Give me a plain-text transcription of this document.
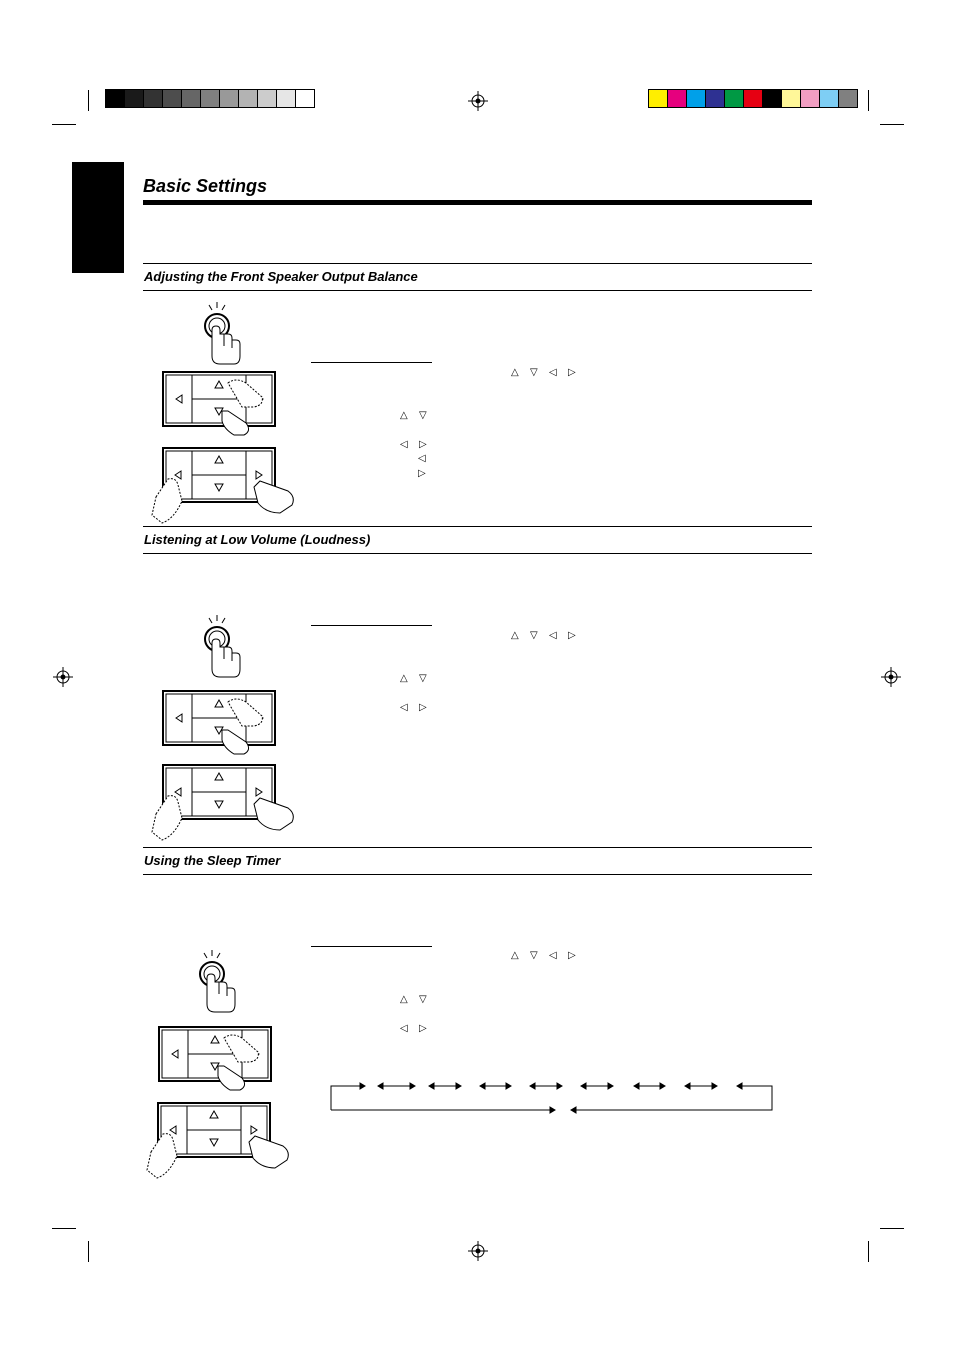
Basic Settings
Adjusting the Front Speaker Output Balance
△ ▽ ◁ ▷
△ ▽
◁ ▷
◁
▷
Listening at Low Volume (Loudness)
△ ▽ ◁ ▷
△ ▽
◁ ▷
Using the Sleep Timer
△ ▽ ◁ ▷
△ ▽
◁ ▷
